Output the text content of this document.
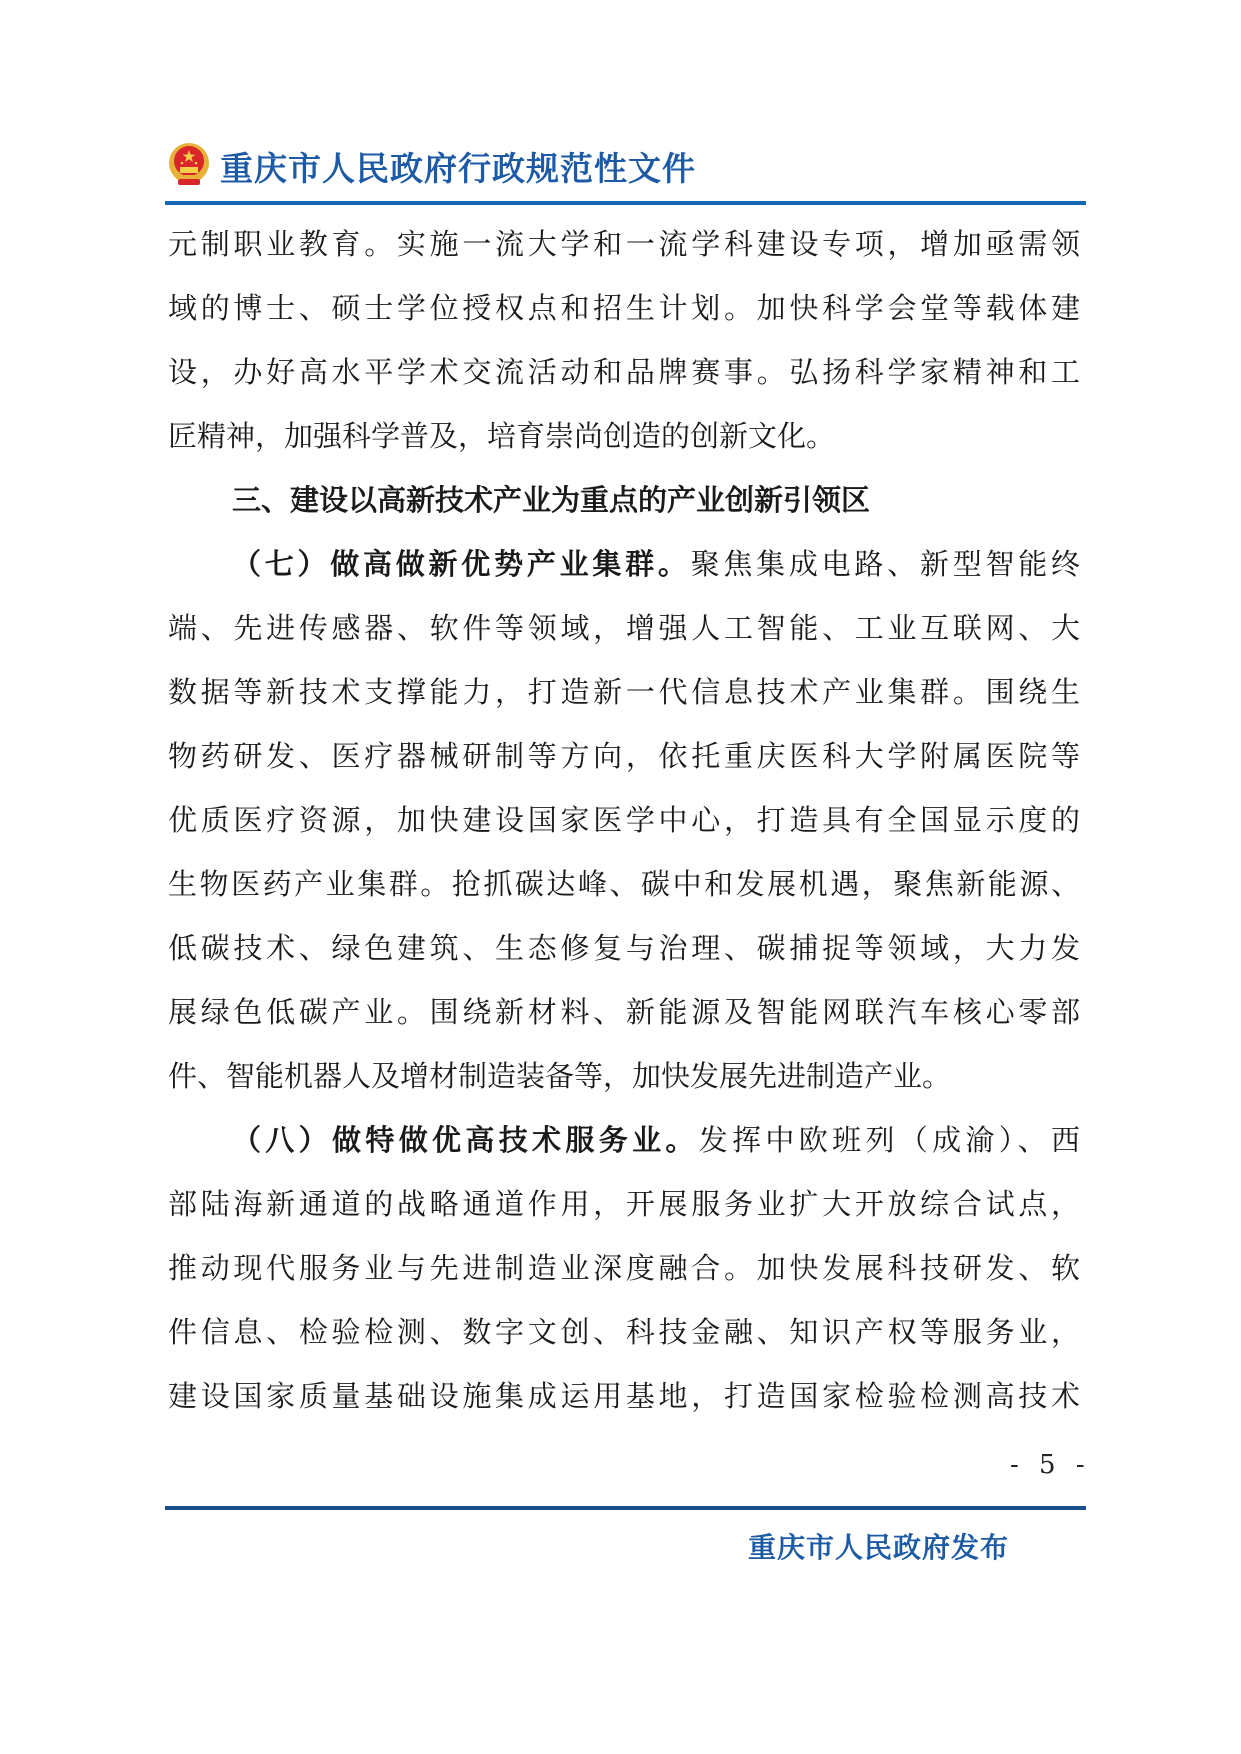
重庆市人民政府行政规范性文件
元制职业教育。实施一流大学和一流学科建设专项，增加亟需领
域的博士、硕士学位授权点和招生计划。加快科学会堂等载体建
设，办好高水平学术交流活动和品牌赛事。弘扬科学家精神和工
匠精神，加强科学普及，培育崇尚创造的创新文化。
三、建设以高新技术产业为重点的产业创新引领区
（七）做高做新优势产业集群。聚焦集成电路、新型智能终
端、先进传感器、软件等领域，增强人工智能、工业互联网、大
数据等新技术支撑能力，打造新一代信息技术产业集群。围绕生
物药研发、医疗器械研制等方向，依托重庆医科大学附属医院等
优质医疗资源，加快建设国家医学中心，打造具有全国显示度的
生物医药产业集群。抢抓碳达峰、碳中和发展机遇，聚焦新能源、
低碳技术、绿色建筑、生态修复与治理、碳捕捉等领域，大力发
展绿色低碳产业。围绕新材料、新能源及智能网联汽车核心零部
件、智能机器人及增材制造装备等，加快发展先进制造产业。
（八）做特做优高技术服务业。发挥中欧班列（成渝）、西
部陆海新通道的战略通道作用，开展服务业扩大开放综合试点，
推动现代服务业与先进制造业深度融合。加快发展科技研发、软
件信息、检验检测、数字文创、科技金融、知识产权等服务业，
建设国家质量基础设施集成运用基地，打造国家检验检测高技术
- 5 -
重庆市人民政府发布
